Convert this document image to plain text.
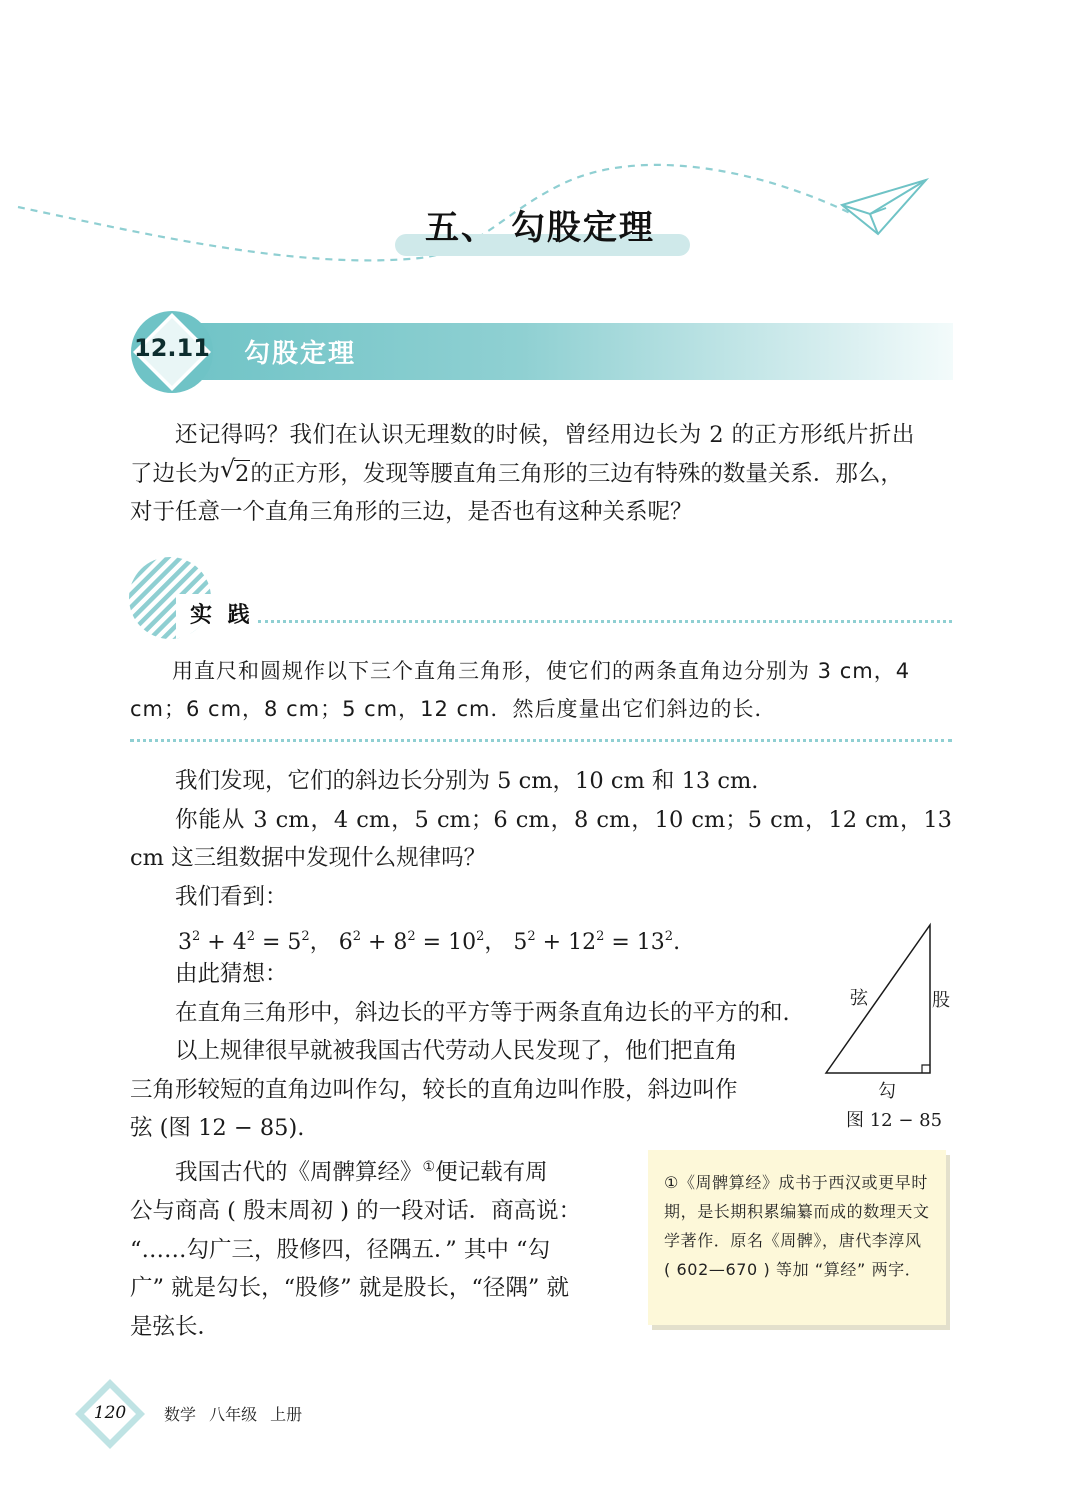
五、 勾股定理
勾股定理
12.11

还记得吗？我们在认识无理数的时候，曾经用边长为 2 的正方形纸片折出

了边长为 √ 2的正方形，发现等腰直角三角形的三边有特殊的数量关系．那么，

对于任意一个直角三角形的三边，是否也有这种关系呢？

实 践

用直尺和圆规作以下三个直角三角形，使它们的两条直角边分别为 3 cm，4 cm；6 cm，8 cm；5 cm，12 cm．然后度量出它们斜边的长．

我们发现，它们的斜边长分别为 5 cm，10 cm 和 13 cm.

你能从 3 cm，4 cm，5 cm；6 cm，8 cm，10 cm；5 cm，12 cm，13 cm 这三组数据中发现什么规律吗？

我们看到：

$3^2 + 4^2 = 5^2$， $6^2 + 8^2 = 10^2$， $5^2 + 12^2 = 13^2$.

由此猜想：

在直角三角形中，斜边长的平方等于两条直角边长的平方的和.

以上规律很早就被我国古代劳动人民发现了，他们把直角

三角形较短的直角边叫作勾，较长的直角边叫作股，斜边叫作

弦 (图 12 − 85).

弦	股
勾
图 12 − 85

我国古代的《周髀算经》①便记载有周

公与商高 ( 殷末周初 ) 的一段对话．商高说：

“……勾广三，股修四，径隅五．” 其中 “勾

广” 就是勾长，“股修” 就是股长，“径隅” 就

是弦长．

①《周髀算经》成书于西汉或更早时期，是长期积累编纂而成的数理天文学著作．原名《周髀》，唐代李淳风 ( 602—670 ) 等加 “算经” 两字．
120	数学 八年级 上册
